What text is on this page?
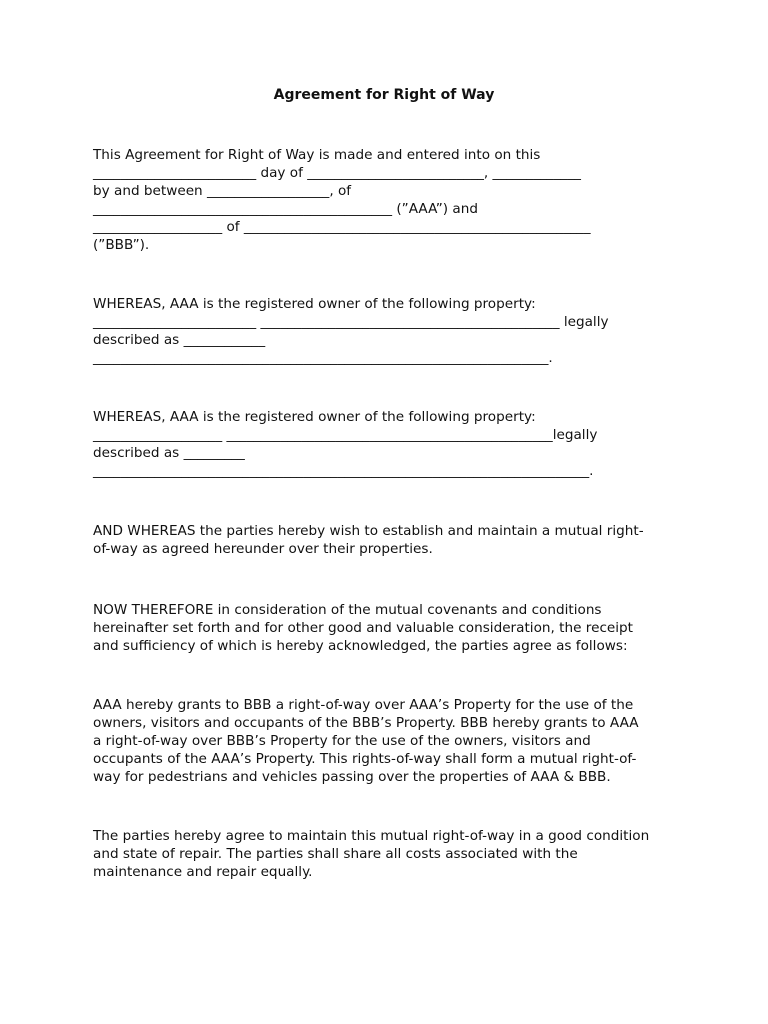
Agreement for Right of Way
This Agreement for Right of Way is made and entered into on this
________________________ day of __________________________, _____________
by and between __________________, of
____________________________________________ (”AAA”) and
___________________ of ___________________________________________________
(”BBB”).
WHEREAS, AAA is the registered owner of the following property:
________________________ ____________________________________________ legally
described as ____________
___________________________________________________________________.
WHEREAS, AAA is the registered owner of the following property:
___________________ ________________________________________________legally
described as _________
_________________________________________________________________________.
AND WHEREAS the parties hereby wish to establish and maintain a mutual right-
of-way as agreed hereunder over their properties.
NOW THEREFORE in consideration of the mutual covenants and conditions
hereinafter set forth and for other good and valuable consideration, the receipt
and sufficiency of which is hereby acknowledged, the parties agree as follows:
AAA hereby grants to BBB a right-of-way over AAA’s Property for the use of the
owners, visitors and occupants of the BBB’s Property. BBB hereby grants to AAA
a right-of-way over BBB’s Property for the use of the owners, visitors and
occupants of the AAA’s Property. This rights-of-way shall form a mutual right-of-
way for pedestrians and vehicles passing over the properties of AAA & BBB.
The parties hereby agree to maintain this mutual right-of-way in a good condition
and state of repair. The parties shall share all costs associated with the
maintenance and repair equally.
